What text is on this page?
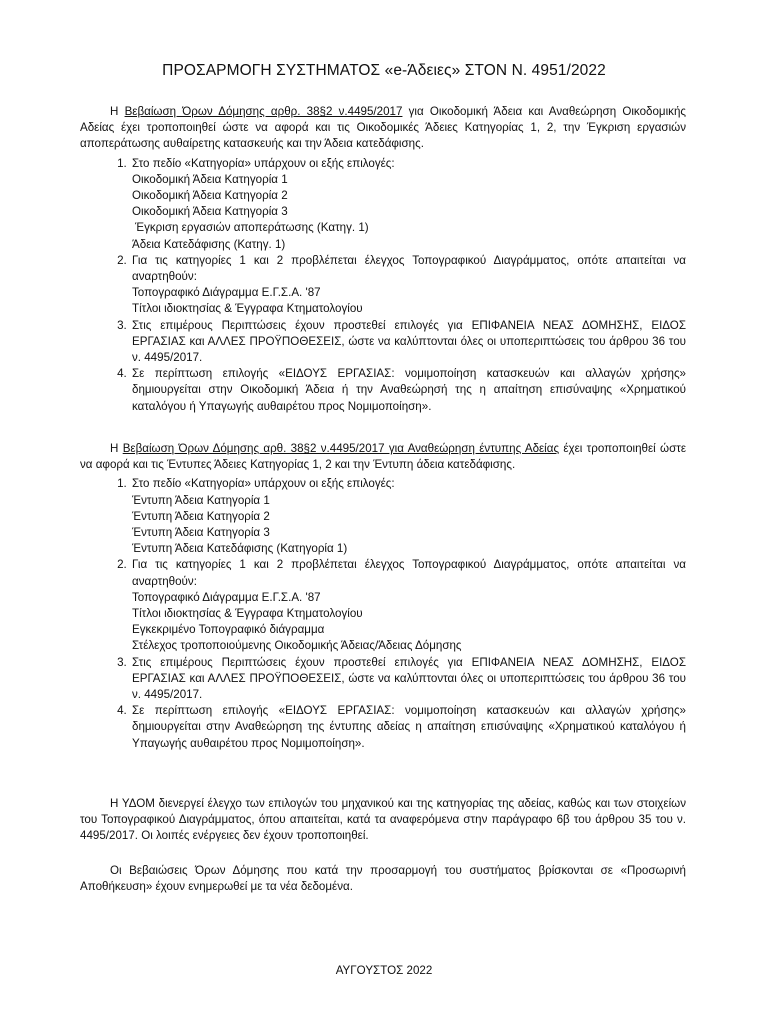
ΠΡΟΣΑΡΜΟΓΗ ΣΥΣΤΗΜΑΤΟΣ «e-Άδειες» ΣΤΟΝ Ν. 4951/2022

Η Βεβαίωση Όρων Δόμησης αρθρ. 38§2 ν.4495/2017 για Οικοδομική Άδεια και Αναθεώρηση Οικοδομικής Αδείας έχει τροποποιηθεί ώστε να αφορά και τις Οικοδομικές Άδειες Κατηγορίας 1, 2, την Έγκριση εργασιών αποπεράτωσης αυθαίρετης κατασκευής και την Άδεια κατεδάφισης.

1. Στο πεδίο «Κατηγορία» υπάρχουν οι εξής επιλογές:
Οικοδομική Άδεια Κατηγορία 1
Οικοδομική Άδεια Κατηγορία 2
Οικοδομική Άδεια Κατηγορία 3
Έγκριση εργασιών αποπεράτωσης (Κατηγ. 1)
Άδεια Κατεδάφισης (Κατηγ. 1)
2. Για τις κατηγορίες 1 και 2 προβλέπεται έλεγχος Τοπογραφικού Διαγράμματος, οπότε απαιτείται να αναρτηθούν:
Τοπογραφικό Διάγραμμα Ε.Γ.Σ.Α. '87
Τίτλοι ιδιοκτησίας & Έγγραφα Κτηματολογίου
3. Στις επιμέρους Περιπτώσεις έχουν προστεθεί επιλογές για ΕΠΙΦΑΝΕΙΑ ΝΕΑΣ ΔΟΜΗΣΗΣ, ΕΙΔΟΣ ΕΡΓΑΣΙΑΣ και ΑΛΛΕΣ ΠΡΟΫΠΟΘΕΣΕΙΣ, ώστε να καλύπτονται όλες οι υποπεριπτώσεις του άρθρου 36 του ν. 4495/2017.
4. Σε περίπτωση επιλογής «ΕΙΔΟΥΣ ΕΡΓΑΣΙΑΣ: νομιμοποίηση κατασκευών και αλλαγών χρήσης» δημιουργείται στην Οικοδομική Άδεια ή την Αναθεώρησή της η απαίτηση επισύναψης «Χρηματικού καταλόγου ή Υπαγωγής αυθαιρέτου προς Νομιμοποίηση».

Η Βεβαίωση Όρων Δόμησης αρθ. 38§2 ν.4495/2017 για Αναθεώρηση έντυπης Αδείας έχει τροποποιηθεί ώστε να αφορά και τις Έντυπες Άδειες Κατηγορίας 1, 2 και την Έντυπη άδεια κατεδάφισης.

1. Στο πεδίο «Κατηγορία» υπάρχουν οι εξής επιλογές:
Έντυπη Άδεια Κατηγορία 1
Έντυπη Άδεια Κατηγορία 2
Έντυπη Άδεια Κατηγορία 3
Έντυπη Άδεια Κατεδάφισης (Κατηγορία 1)
2. Για τις κατηγορίες 1 και 2 προβλέπεται έλεγχος Τοπογραφικού Διαγράμματος, οπότε απαιτείται να αναρτηθούν:
Τοπογραφικό Διάγραμμα Ε.Γ.Σ.Α. '87
Τίτλοι ιδιοκτησίας & Έγγραφα Κτηματολογίου
Εγκεκριμένο Τοπογραφικό διάγραμμα
Στέλεχος τροποποιούμενης Οικοδομικής Άδειας/Άδειας Δόμησης
3. Στις επιμέρους Περιπτώσεις έχουν προστεθεί επιλογές για ΕΠΙΦΑΝΕΙΑ ΝΕΑΣ ΔΟΜΗΣΗΣ, ΕΙΔΟΣ ΕΡΓΑΣΙΑΣ και ΑΛΛΕΣ ΠΡΟΫΠΟΘΕΣΕΙΣ, ώστε να καλύπτονται όλες οι υποπεριπτώσεις του άρθρου 36 του ν. 4495/2017.
4. Σε περίπτωση επιλογής «ΕΙΔΟΥΣ ΕΡΓΑΣΙΑΣ: νομιμοποίηση κατασκευών και αλλαγών χρήσης» δημιουργείται στην Αναθεώρηση της έντυπης αδείας η απαίτηση επισύναψης «Χρηματικού καταλόγου ή Υπαγωγής αυθαιρέτου προς Νομιμοποίηση».

Η ΥΔΟΜ διενεργεί έλεγχο των επιλογών του μηχανικού και της κατηγορίας της αδείας, καθώς και των στοιχείων του Τοπογραφικού Διαγράμματος, όπου απαιτείται, κατά τα αναφερόμενα στην παράγραφο 6β του άρθρου 35 του ν. 4495/2017. Οι λοιπές ενέργειες δεν έχουν τροποποιηθεί.

Οι Βεβαιώσεις Όρων Δόμησης που κατά την προσαρμογή του συστήματος βρίσκονται σε «Προσωρινή Αποθήκευση» έχουν ενημερωθεί με τα νέα δεδομένα.

ΑΥΓΟΥΣΤΟΣ 2022
